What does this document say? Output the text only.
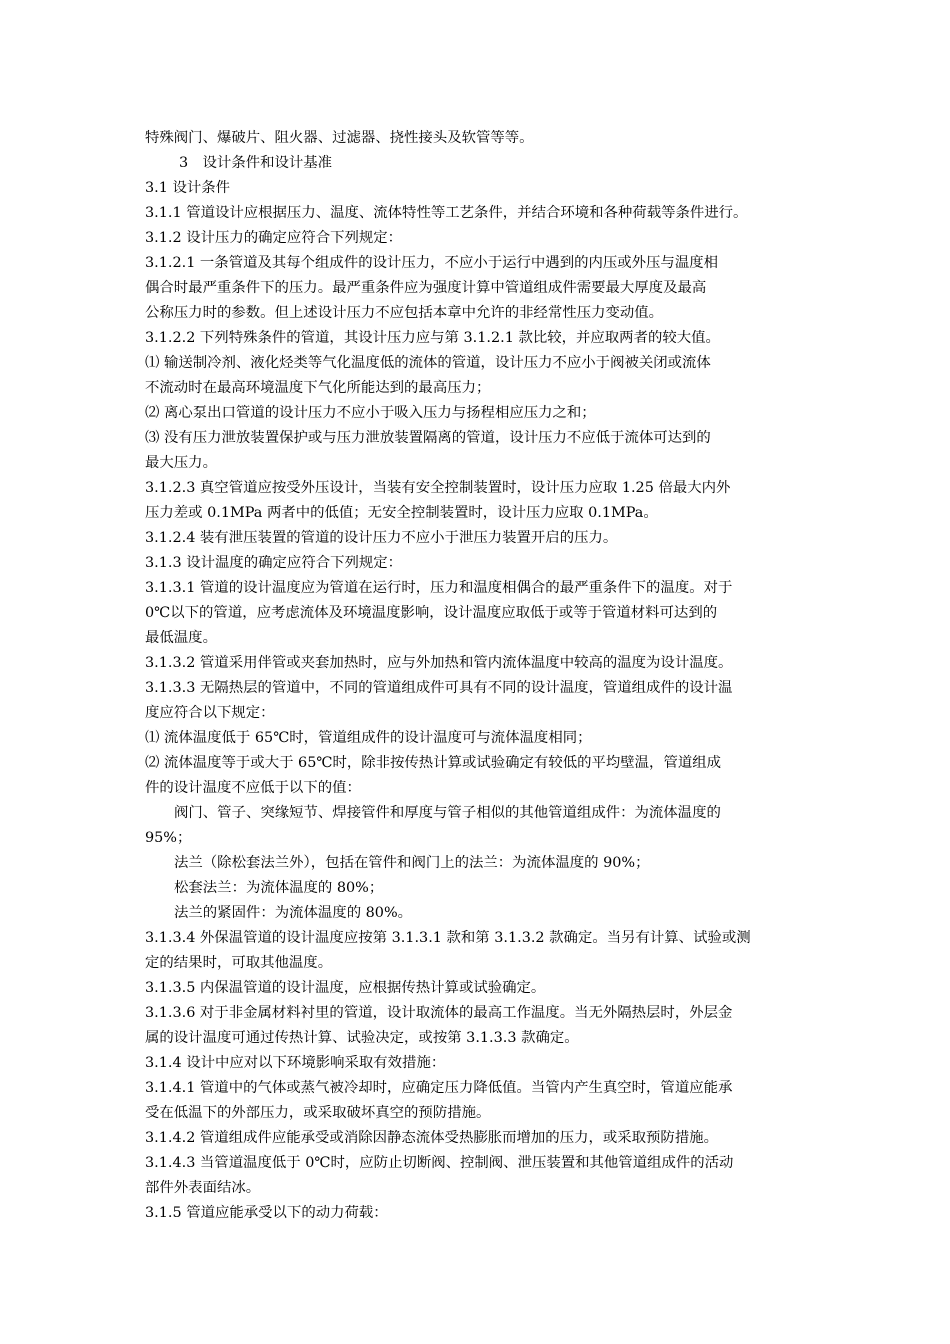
特殊阀门、爆破片、阻火器、过滤器、挠性接头及软管等等。
3　设计条件和设计基准
3.1 设计条件
3.1.1 管道设计应根据压力、温度、流体特性等工艺条件，并结合环境和各种荷载等条件进行。
3.1.2 设计压力的确定应符合下列规定：
3.1.2.1 一条管道及其每个组成件的设计压力，不应小于运行中遇到的内压或外压与温度相
偶合时最严重条件下的压力。最严重条件应为强度计算中管道组成件需要最大厚度及最高
公称压力时的参数。但上述设计压力不应包括本章中允许的非经常性压力变动值。
3.1.2.2 下列特殊条件的管道，其设计压力应与第 3.1.2.1 款比较，并应取两者的较大值。
⑴ 输送制冷剂、液化烃类等气化温度低的流体的管道，设计压力不应小于阀被关闭或流体
不流动时在最高环境温度下气化所能达到的最高压力；
⑵ 离心泵出口管道的设计压力不应小于吸入压力与扬程相应压力之和；
⑶ 没有压力泄放装置保护或与压力泄放装置隔离的管道，设计压力不应低于流体可达到的
最大压力。
3.1.2.3 真空管道应按受外压设计，当装有安全控制装置时，设计压力应取 1.25 倍最大内外
压力差或 0.1MPa 两者中的低值；无安全控制装置时，设计压力应取 0.1MPa。
3.1.2.4 装有泄压装置的管道的设计压力不应小于泄压力装置开启的压力。
3.1.3 设计温度的确定应符合下列规定：
3.1.3.1 管道的设计温度应为管道在运行时，压力和温度相偶合的最严重条件下的温度。对于
0℃以下的管道，应考虑流体及环境温度影响，设计温度应取低于或等于管道材料可达到的
最低温度。
3.1.3.2 管道采用伴管或夹套加热时，应与外加热和管内流体温度中较高的温度为设计温度。
3.1.3.3 无隔热层的管道中，不同的管道组成件可具有不同的设计温度，管道组成件的设计温
度应符合以下规定：
⑴ 流体温度低于 65℃时，管道组成件的设计温度可与流体温度相同；
⑵ 流体温度等于或大于 65℃时，除非按传热计算或试验确定有较低的平均壁温，管道组成
件的设计温度不应低于以下的值：
阀门、管子、突缘短节、焊接管件和厚度与管子相似的其他管道组成件：为流体温度的
95%；
法兰（除松套法兰外），包括在管件和阀门上的法兰：为流体温度的 90%；
松套法兰：为流体温度的 80%；
法兰的紧固件：为流体温度的 80%。
3.1.3.4 外保温管道的设计温度应按第 3.1.3.1 款和第 3.1.3.2 款确定。当另有计算、试验或测
定的结果时，可取其他温度。
3.1.3.5 内保温管道的设计温度，应根据传热计算或试验确定。
3.1.3.6 对于非金属材料衬里的管道，设计取流体的最高工作温度。当无外隔热层时，外层金
属的设计温度可通过传热计算、试验决定，或按第 3.1.3.3 款确定。
3.1.4 设计中应对以下环境影响采取有效措施：
3.1.4.1 管道中的气体或蒸气被冷却时，应确定压力降低值。当管内产生真空时，管道应能承
受在低温下的外部压力，或采取破坏真空的预防措施。
3.1.4.2 管道组成件应能承受或消除因静态流体受热膨胀而增加的压力，或采取预防措施。
3.1.4.3 当管道温度低于 0℃时，应防止切断阀、控制阀、泄压装置和其他管道组成件的活动
部件外表面结冰。
3.1.5 管道应能承受以下的动力荷载：
